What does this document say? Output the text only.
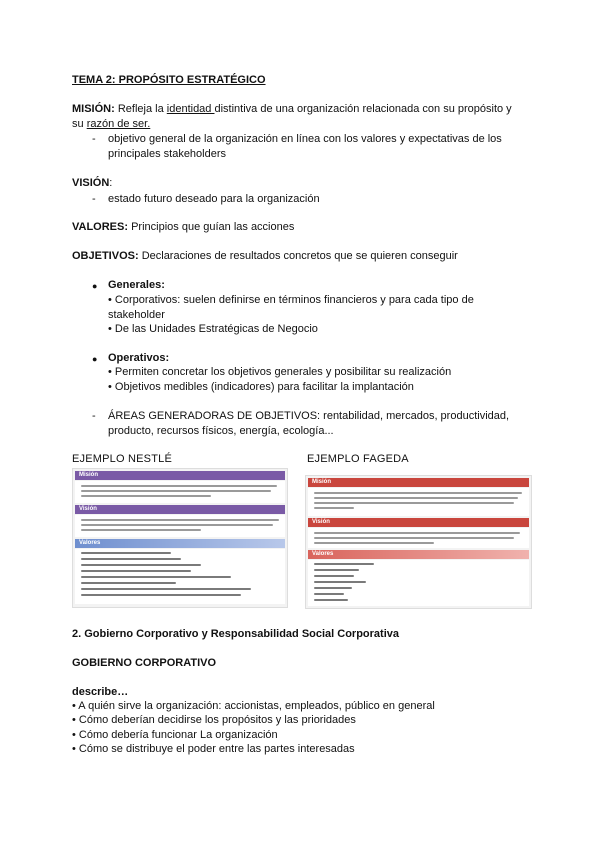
TEMA 2: PROPÓSITO ESTRATÉGICO
MISIÓN: Refleja la identidad distintiva de una organización relacionada con su propósito y
su razón de ser.
- objetivo general de la organización en línea con los valores y expectativas de los
principales stakeholders
VISIÓN:
- estado futuro deseado para la organización
VALORES: Principios que guían las acciones
OBJETIVOS: Declaraciones de resultados concretos que se quieren conseguir
● Generales:
• Corporativos: suelen definirse en términos financieros y para cada tipo de
stakeholder
• De las Unidades Estratégicas de Negocio
● Operativos:
• Permiten concretar los objetivos generales y posibilitar su realización
• Objetivos medibles (indicadores) para facilitar la implantación
- ÁREAS GENERADORAS DE OBJETIVOS: rentabilidad, mercados, productividad,
producto, recursos físicos, energía, ecología...
EJEMPLO NESTLÉ	EJEMPLO FAGEDA
Misión
Visión
Valores
Misión
Visión
Valores
2. Gobierno Corporativo y Responsabilidad Social Corporativa
GOBIERNO CORPORATIVO
describe…
• A quién sirve la organización: accionistas, empleados, público en general
• Cómo deberían decidirse los propósitos y las prioridades
• Cómo debería funcionar La organización
• Cómo se distribuye el poder entre las partes interesadas
